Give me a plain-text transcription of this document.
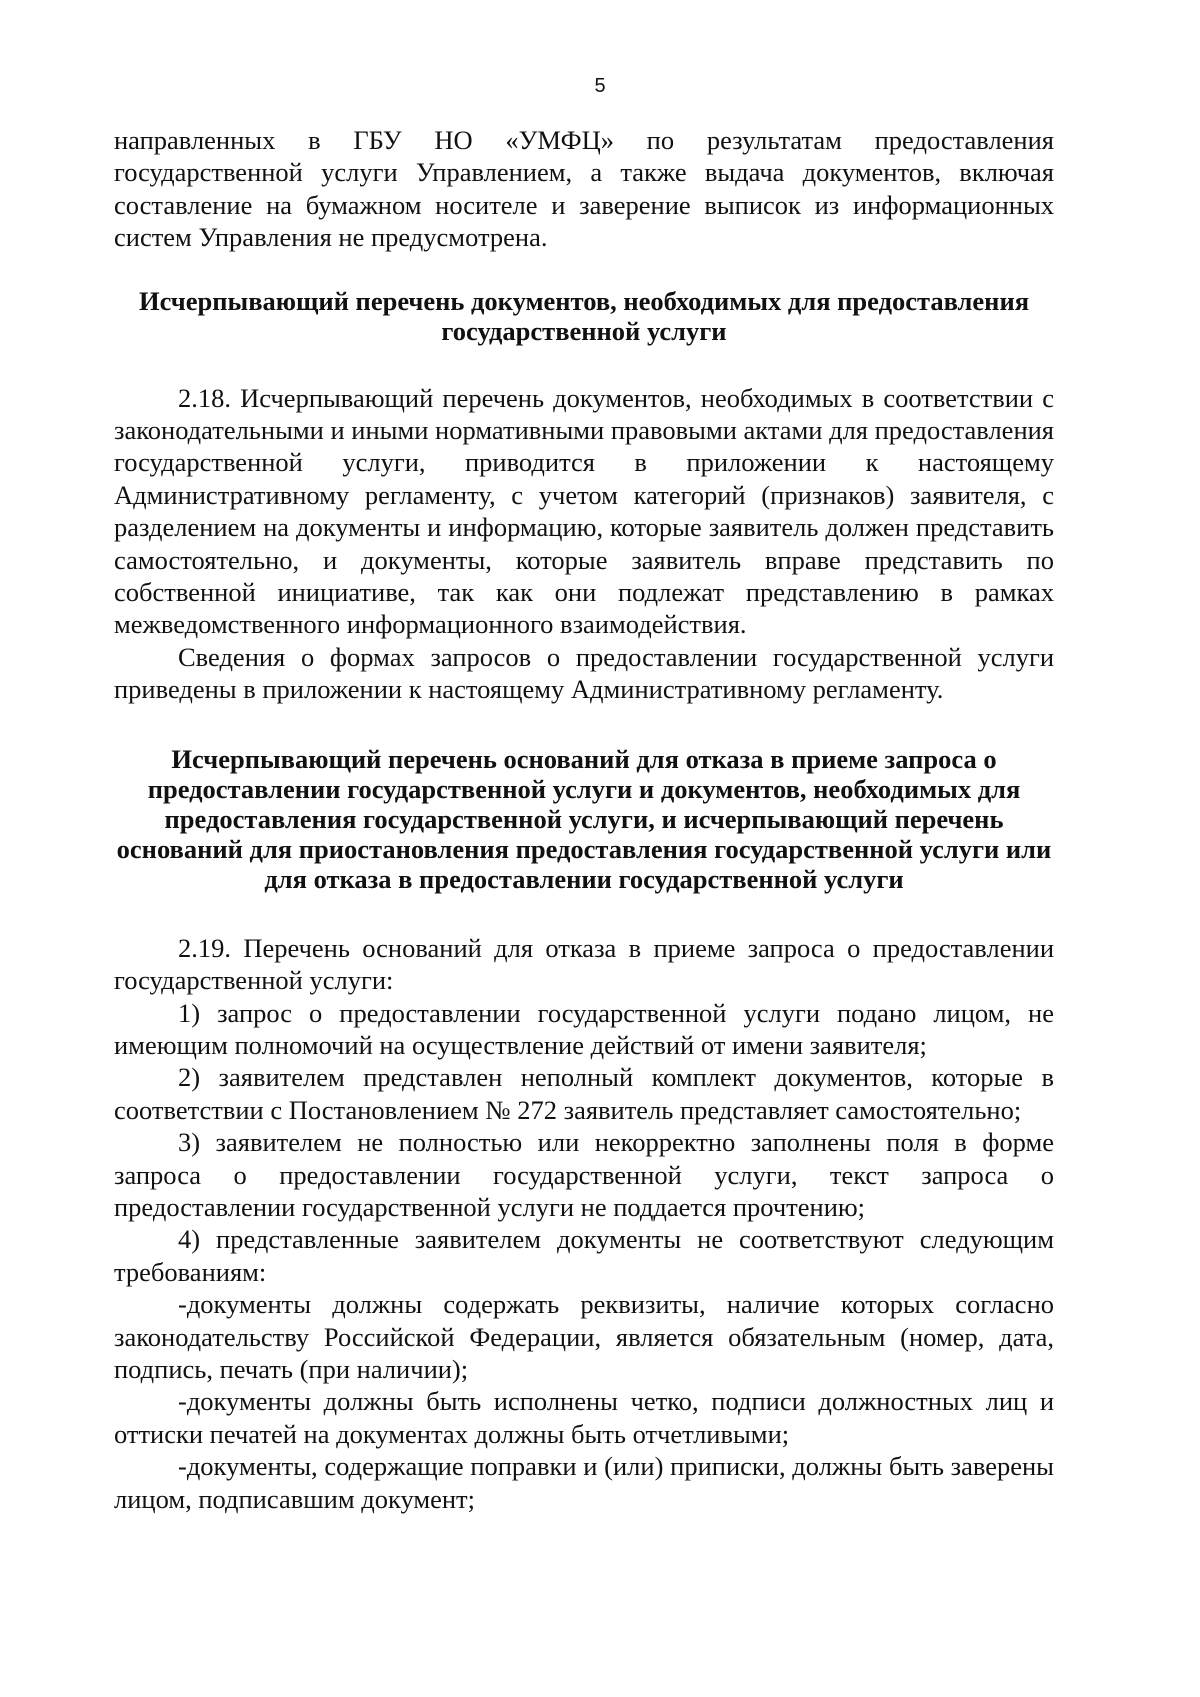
5

направленных в ГБУ НО «УМФЦ» по результатам предоставления государственной услуги Управлением, а также выдача документов, включая составление на бумажном носителе и заверение выписок из информационных систем Управления не предусмотрена.

Исчерпывающий перечень документов, необходимых для предоставления
государственной услуги

2.18. Исчерпывающий перечень документов, необходимых в соответствии с законодательными и иными нормативными правовыми актами для предоставления государственной услуги, приводится в приложении к настоящему Административному регламенту, с учетом категорий (признаков) заявителя, с разделением на документы и информацию, которые заявитель должен представить самостоятельно, и документы, которые заявитель вправе представить по собственной инициативе, так как они подлежат представлению в рамках межведомственного информационного взаимодействия.

Сведения о формах запросов о предоставлении государственной услуги приведены в приложении к настоящему Административному регламенту.

Исчерпывающий перечень оснований для отказа в приеме запроса о
предоставлении государственной услуги и документов, необходимых для
предоставления государственной услуги, и исчерпывающий перечень
оснований для приостановления предоставления государственной услуги или
для отказа в предоставлении государственной услуги

2.19. Перечень оснований для отказа в приеме запроса о предоставлении государственной услуги:

1) запрос о предоставлении государственной услуги подано лицом, не имеющим полномочий на осуществление действий от имени заявителя;

2) заявителем представлен неполный комплект документов, которые в соответствии с Постановлением № 272 заявитель представляет самостоятельно;

3) заявителем не полностью или некорректно заполнены поля в форме запроса о предоставлении государственной услуги, текст запроса о предоставлении государственной услуги не поддается прочтению;

4) представленные заявителем документы не соответствуют следующим требованиям:

-документы должны содержать реквизиты, наличие которых согласно законодательству Российской Федерации, является обязательным (номер, дата, подпись, печать (при наличии);

-документы должны быть исполнены четко, подписи должностных лиц и оттиски печатей на документах должны быть отчетливыми;

-документы, содержащие поправки и (или) приписки, должны быть заверены лицом, подписавшим документ;
